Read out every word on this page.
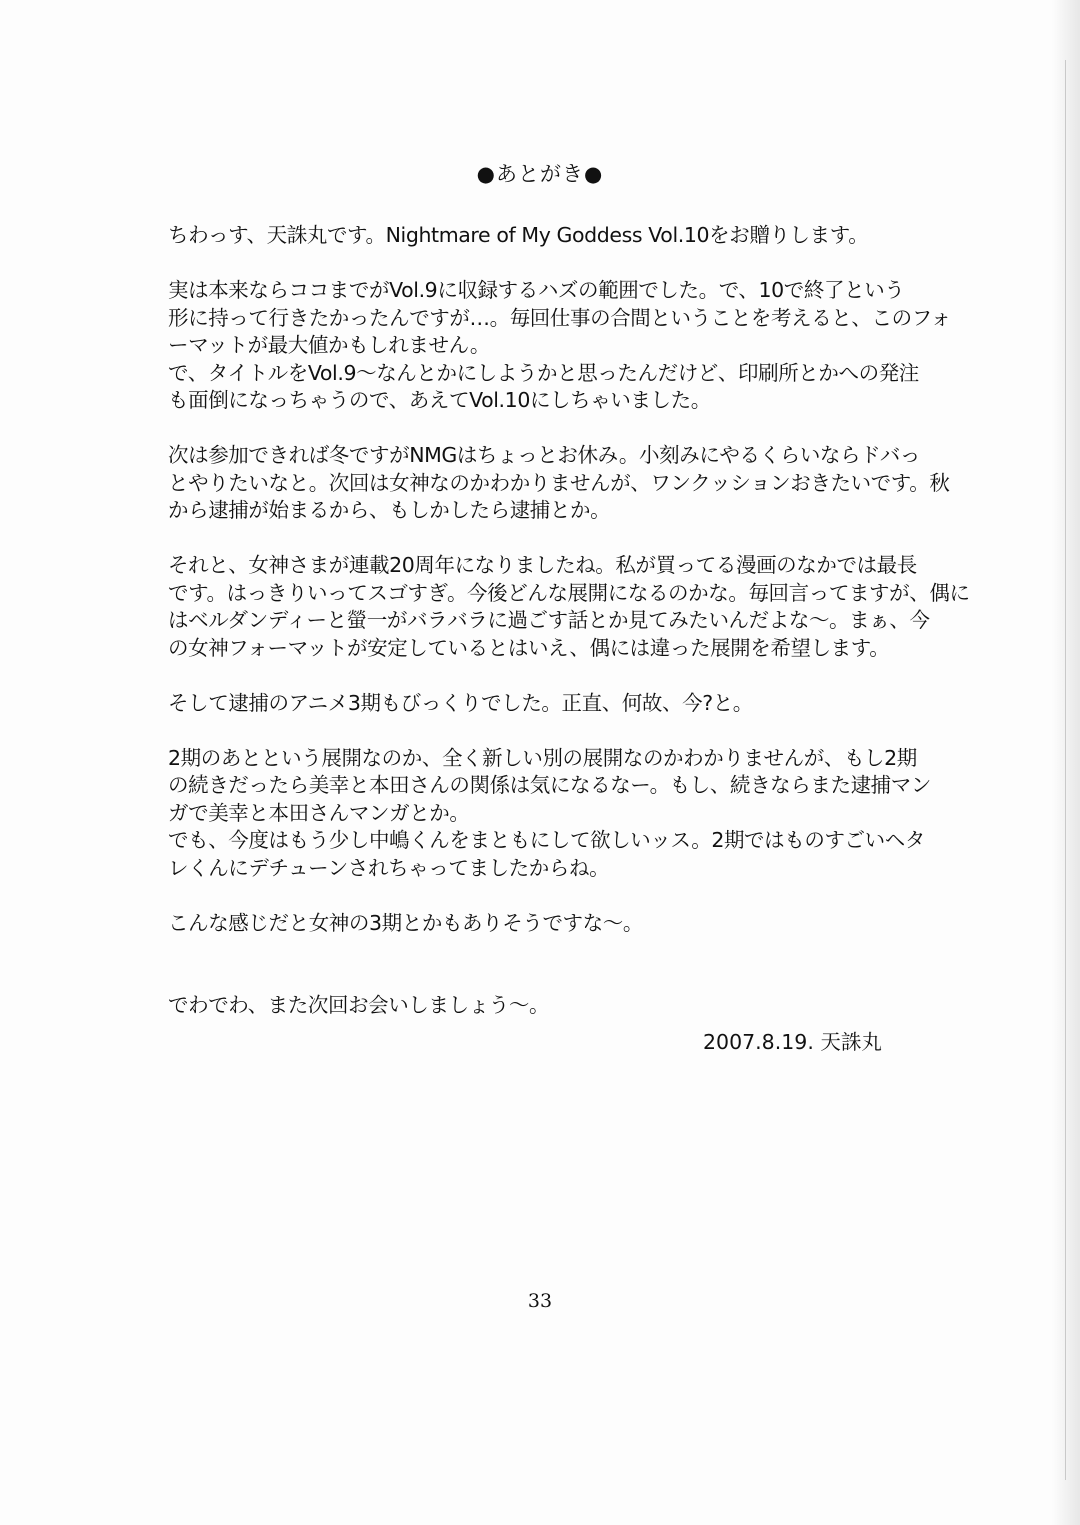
●あとがき●

ちわっす、天誅丸です。Nightmare of My Goddess Vol.10をお贈りします。

実は本来ならココまでがVol.9に収録するハズの範囲でした。で、10で終了という
形に持って行きたかったんですが…。毎回仕事の合間ということを考えると、このフォ
ーマットが最大値かもしれません。
で、タイトルをVol.9〜なんとかにしようかと思ったんだけど、印刷所とかへの発注
も面倒になっちゃうので、あえてVol.10にしちゃいました。

次は参加できれば冬ですがNMGはちょっとお休み。小刻みにやるくらいならドバっ
とやりたいなと。次回は女神なのかわかりませんが、ワンクッションおきたいです。秋
から逮捕が始まるから、もしかしたら逮捕とか。

それと、女神さまが連載20周年になりましたね。私が買ってる漫画のなかでは最長
です。はっきりいってスゴすぎ。今後どんな展開になるのかな。毎回言ってますが、偶に
はベルダンディーと螢一がバラバラに過ごす話とか見てみたいんだよな〜。まぁ、今
の女神フォーマットが安定しているとはいえ、偶には違った展開を希望します。

そして逮捕のアニメ3期もびっくりでした。正直、何故、今?と。

2期のあとという展開なのか、全く新しい別の展開なのかわかりませんが、もし2期
の続きだったら美幸と本田さんの関係は気になるなー。もし、続きならまた逮捕マン
ガで美幸と本田さんマンガとか。
でも、今度はもう少し中嶋くんをまともにして欲しいッス。2期ではものすごいヘタ
レくんにデチューンされちゃってましたからね。

こんな感じだと女神の3期とかもありそうですな〜。

でわでわ、また次回お会いしましょう〜。

2007.8.19. 天誅丸
33
